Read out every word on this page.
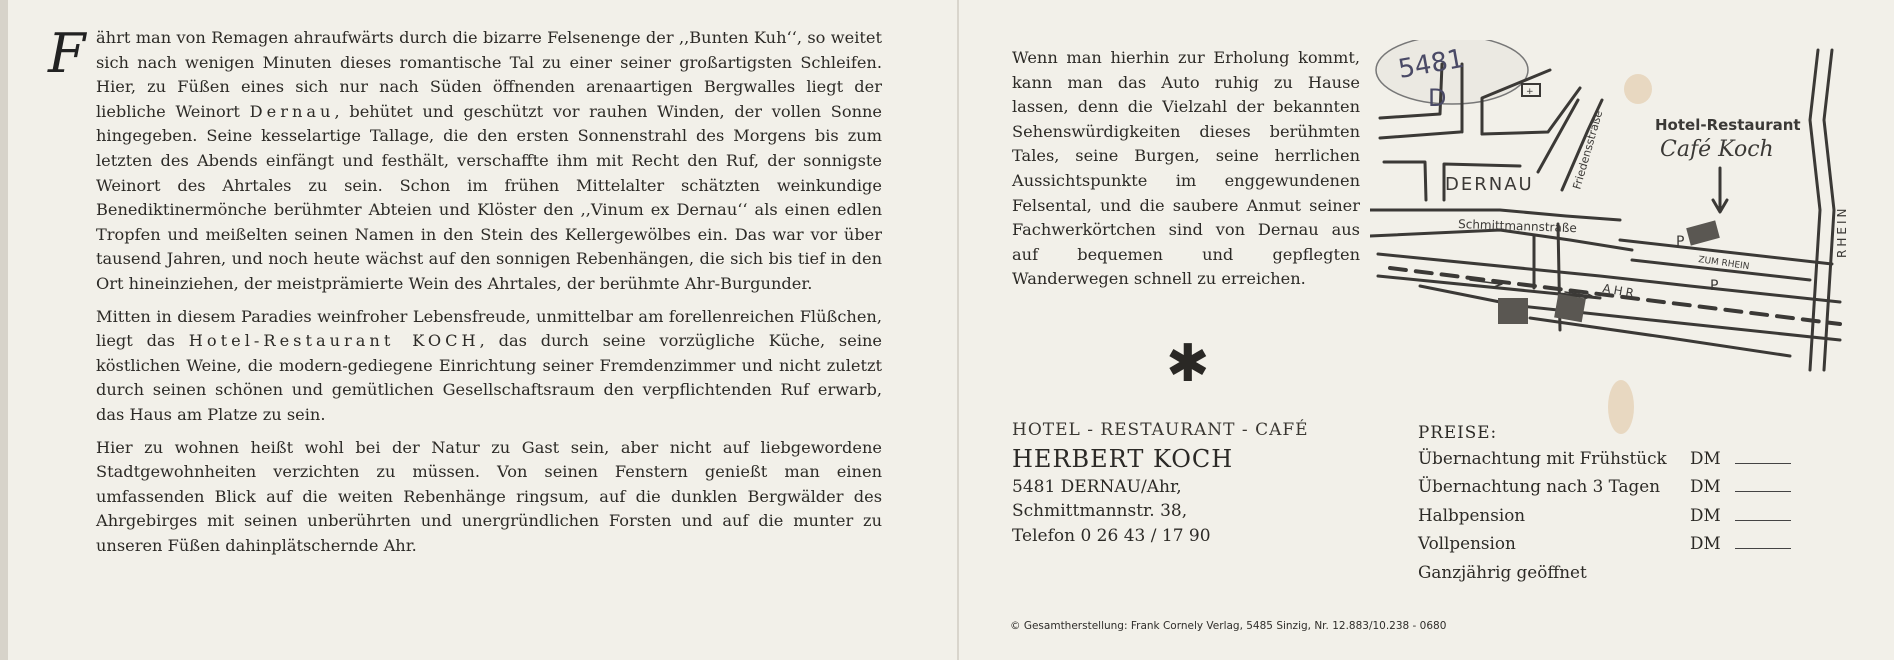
Fährt man von Remagen ahraufwärts durch die bizarre Felsenenge der ,,Bunten Kuh‘‘, so weitet sich nach wenigen Minuten dieses romantische Tal zu einer seiner großartigsten Schleifen. Hier, zu Füßen eines sich nur nach Süden öffnenden arenaartigen Bergwalles liegt der liebliche Weinort Dernau, behütet und geschützt vor rauhen Winden, der vollen Sonne hingegeben. Seine kesselartige Tallage, die den ersten Sonnenstrahl des Morgens bis zum letzten des Abends einfängt und festhält, verschaffte ihm mit Recht den Ruf, der sonnigste Weinort des Ahrtales zu sein. Schon im frühen Mittelalter schätzten weinkundige Benediktinermönche berühmter Abteien und Klöster den ,,Vinum ex Dernau‘‘ als einen edlen Tropfen und meißelten seinen Namen in den Stein des Kellergewölbes ein. Das war vor über tausend Jahren, und noch heute wächst auf den sonnigen Rebenhängen, die sich bis tief in den Ort hineinziehen, der meistprämierte Wein des Ahrtales, der berühmte Ahr-Burgunder.

Mitten in diesem Paradies weinfroher Lebensfreude, unmittelbar am forellenreichen Flüßchen, liegt das Hotel-Restaurant KOCH, das durch seine vorzügliche Küche, seine köstlichen Weine, die modern-gediegene Einrichtung seiner Fremdenzimmer und nicht zuletzt durch seinen schönen und gemütlichen Gesellschaftsraum den verpflichtenden Ruf erwarb, das Haus am Platze zu sein.

Hier zu wohnen heißt wohl bei der Natur zu Gast sein, aber nicht auf liebgewordene Stadtgewohnheiten verzichten zu müssen. Von seinen Fenstern genießt man einen umfassenden Blick auf die weiten Rebenhänge ringsum, auf die dunklen Bergwälder des Ahrgebirges mit seinen unberührten und unergründlichen Forsten und auf die munter zu unseren Füßen dahinplätschernde Ahr.

Wenn man hierhin zur Erholung kommt, kann man das Auto ruhig zu Hause lassen, denn die Vielzahl der bekannten Sehenswürdigkeiten dieses berühmten Tales, seine Burgen, seine herrlichen Aussichtspunkte im enggewundenen Felsental, und die saubere Anmut seiner Fachwerkörtchen sind von Dernau aus auf bequemen und gepflegten Wanderwegen schnell zu erreichen.
+
DERNAU
Hotel-Restaurant
Café Koch
Schmittmannstraße
Friedensstraße
ZUM RHEIN
AHR
RHEIN
P
P
5481
D
✱
HOTEL - RESTAURANT - CAFÉ
HERBERT KOCH
5481 DERNAU/Ahr,
Schmittmannstr. 38,
Telefon 0 26 43 / 17 90
PREISE:
Übernachtung mit Frühstück DM
Übernachtung nach 3 Tagen DM
Halbpension	DM
Vollpension	DM
Ganzjährig geöffnet
© Gesamtherstellung: Frank Cornely Verlag, 5485 Sinzig, Nr. 12.883/10.238 - 0680
